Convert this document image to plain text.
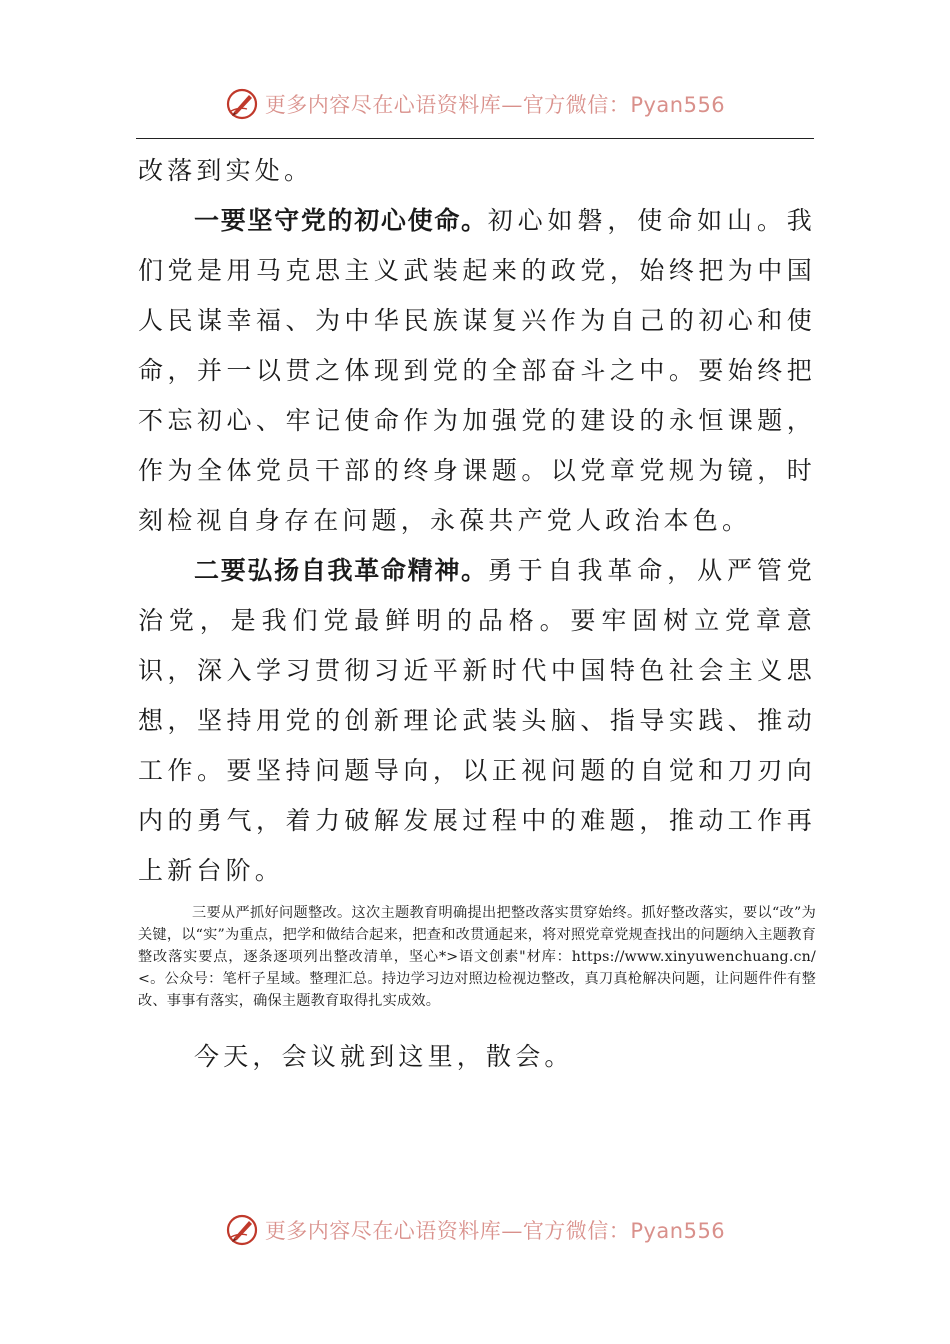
更多内容尽在心语资料库—官方微信：Pyan556

改落到实处。

一要坚守党的初心使命。初心如磐，使命如山。我们党是用马克思主义武装起来的政党，始终把为中国人民谋幸福、为中华民族谋复兴作为自己的初心和使命，并一以贯之体现到党的全部奋斗之中。要始终把不忘初心、牢记使命作为加强党的建设的永恒课题，作为全体党员干部的终身课题。以党章党规为镜，时刻检视自身存在问题，永葆共产党人政治本色。

二要弘扬自我革命精神。勇于自我革命，从严管党治党，是我们党最鲜明的品格。要牢固树立党章意识，深入学习贯彻习近平新时代中国特色社会主义思想，坚持用党的创新理论武装头脑、指导实践、推动工作。要坚持问题导向，以正视问题的自觉和刀刃向内的勇气，着力破解发展过程中的难题，推动工作再上新台阶。

三要从严抓好问题整改。这次主题教育明确提出把整改落实贯穿始终。抓好整改落实，要以“改”为关键，以“实”为重点，把学和做结合起来，把查和改贯通起来，将对照党章党规查找出的问题纳入主题教育整改落实要点，逐条逐项列出整改清单，坚心*>语文创素"材库：https://www.xinyuwenchuang.cn/<。公众号：笔杆子星域。整理汇总。持边学习边对照边检视边整改，真刀真枪解决问题，让问题件件有整改、事事有落实，确保主题教育取得扎实成效。

今天，会议就到这里，散会。

更多内容尽在心语资料库—官方微信：Pyan556
